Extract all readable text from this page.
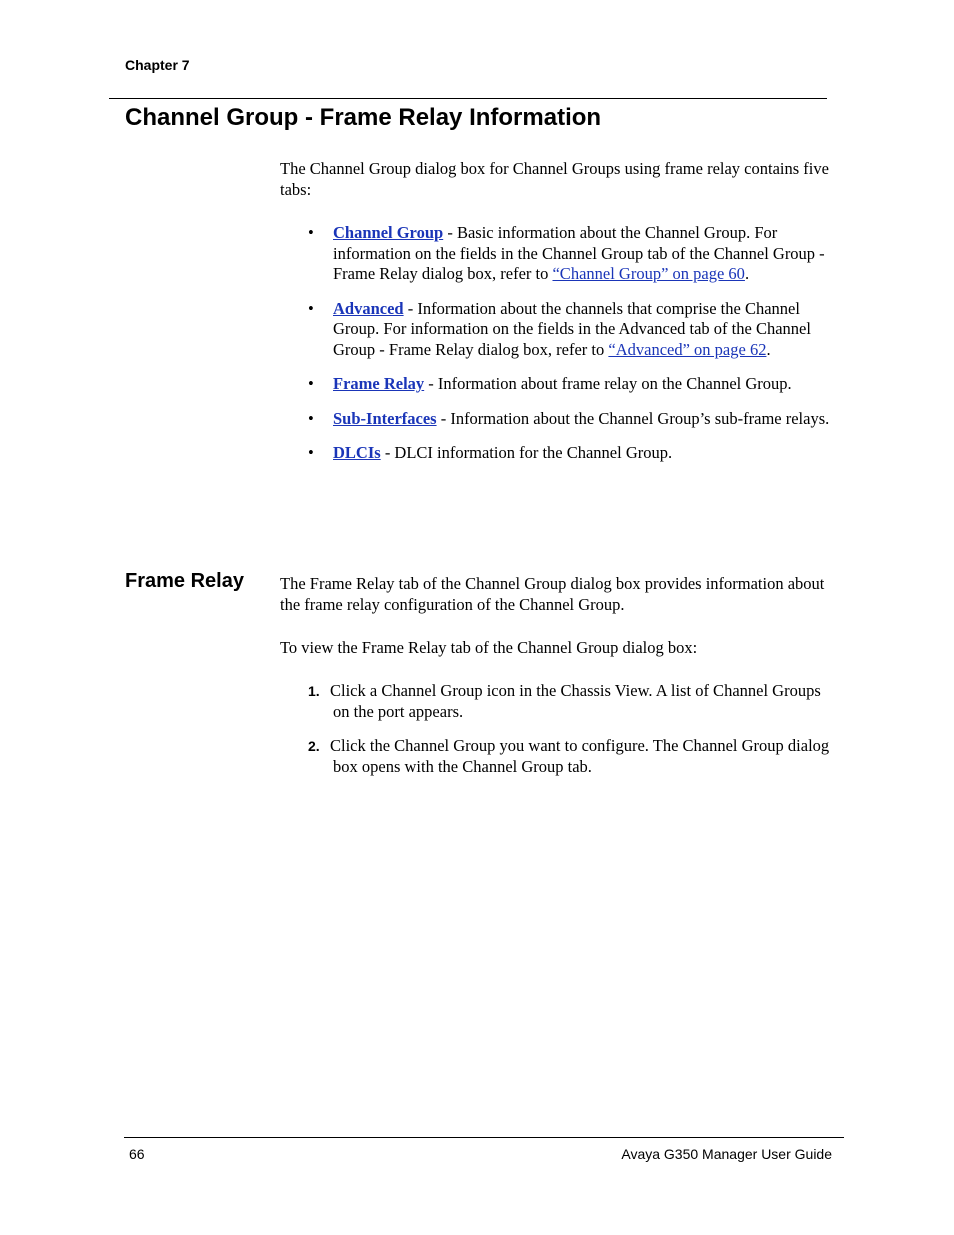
Chapter 7
Channel Group - Frame Relay Information
The Channel Group dialog box for Channel Groups using frame relay contains five tabs:
• Channel Group - Basic information about the Channel Group. For information on the fields in the Channel Group tab of the Channel Group - Frame Relay dialog box, refer to “Channel Group” on page 60.
• Advanced - Information about the channels that comprise the Channel Group. For information on the fields in the Advanced tab of the Channel Group - Frame Relay dialog box, refer to “Advanced” on page 62.
• Frame Relay - Information about frame relay on the Channel Group.
• Sub-Interfaces - Information about the Channel Group’s sub-frame relays.
• DLCIs - DLCI information for the Channel Group.
Frame Relay The Frame Relay tab of the Channel Group dialog box provides information about the frame relay configuration of the Channel Group.
To view the Frame Relay tab of the Channel Group dialog box:
1. Click a Channel Group icon in the Chassis View. A list of Channel Groups on the port appears.
2. Click the Channel Group you want to configure. The Channel Group dialog box opens with the Channel Group tab.
66	Avaya G350 Manager User Guide
